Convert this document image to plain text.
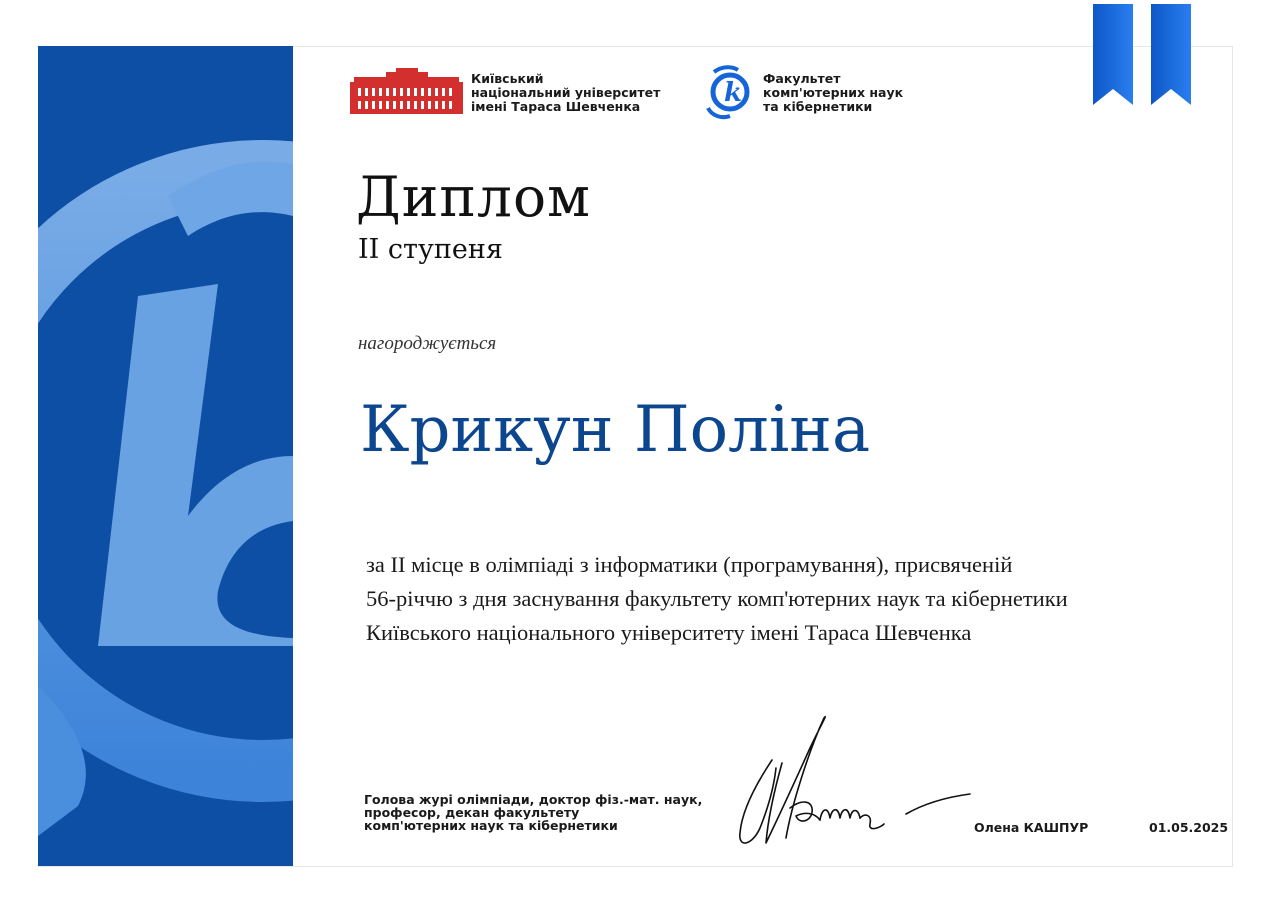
Київський
національний університет
імені Тараса Шевченка	k Факультет
комп'ютерних наук
та кібернетики
Диплом
II ступеня
нагороджується
Крикун Поліна
за II місце в олімпіаді з інформатики (програмування), присвяченій
56-річчю з дня заснування факультету комп'ютерних наук та кібернетики
Київського національного університету імені Тараса Шевченка
Голова журі олімпіади, доктор фіз.-мат. наук,
професор, декан факультету
комп'ютерних наук та кібернетики	Олена КАШПУР	01.05.2025
